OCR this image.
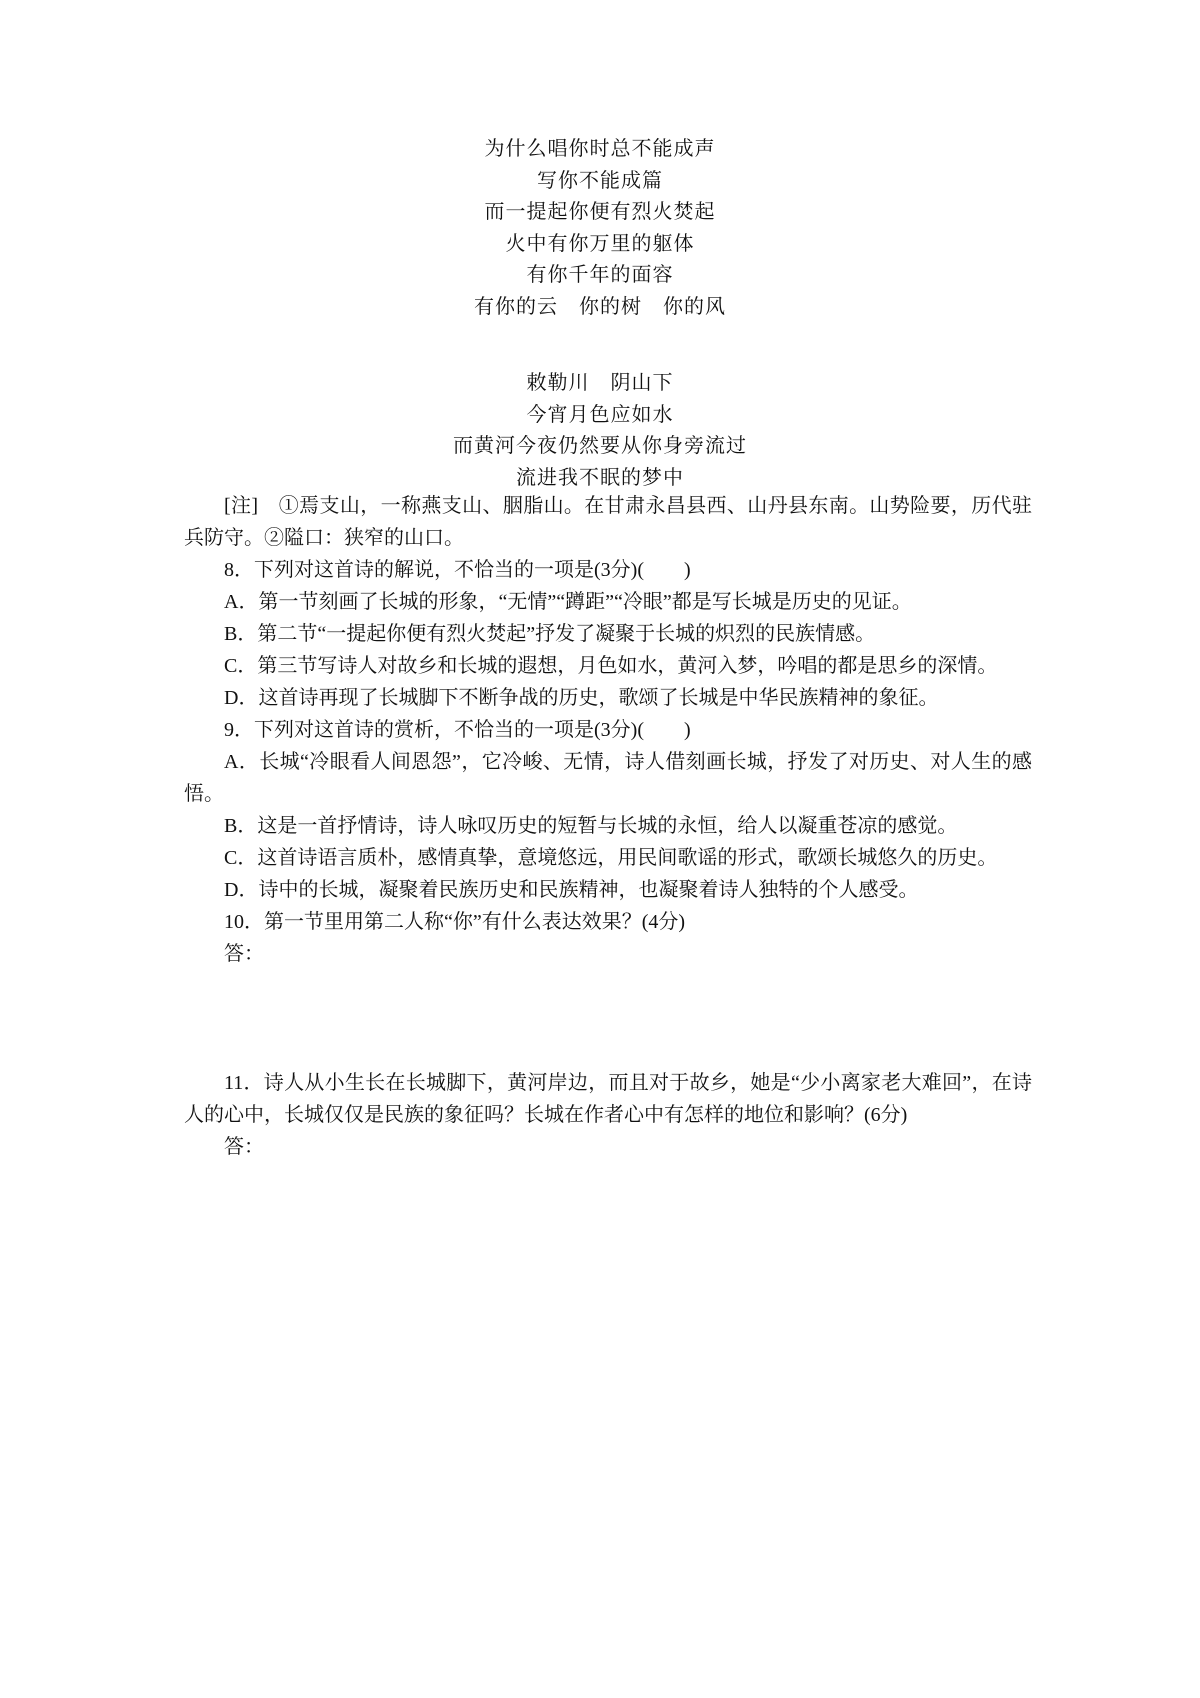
为什么唱你时总不能成声
写你不能成篇
而一提起你便有烈火焚起
火中有你万里的躯体
有你千年的面容
有你的云　你的树　你的风
敕勒川　阴山下
今宵月色应如水
而黄河今夜仍然要从你身旁流过
流进我不眠的梦中

[注]　①焉支山，一称燕支山、胭脂山。在甘肃永昌县西、山丹县东南。山势险要，历代驻兵防守。②隘口：狭窄的山口。

8．下列对这首诗的解说，不恰当的一项是(3分)(　　)

A．第一节刻画了长城的形象，“无情”“蹲距”“冷眼”都是写长城是历史的见证。

B．第二节“一提起你便有烈火焚起”抒发了凝聚于长城的炽烈的民族情感。

C．第三节写诗人对故乡和长城的遐想，月色如水，黄河入梦，吟唱的都是思乡的深情。

D．这首诗再现了长城脚下不断争战的历史，歌颂了长城是中华民族精神的象征。

9．下列对这首诗的赏析，不恰当的一项是(3分)(　　)

A．长城“冷眼看人间恩怨”，它冷峻、无情，诗人借刻画长城，抒发了对历史、对人生的感悟。

B．这是一首抒情诗，诗人咏叹历史的短暂与长城的永恒，给人以凝重苍凉的感觉。

C．这首诗语言质朴，感情真挚，意境悠远，用民间歌谣的形式，歌颂长城悠久的历史。

D．诗中的长城，凝聚着民族历史和民族精神，也凝聚着诗人独特的个人感受。

10．第一节里用第二人称“你”有什么表达效果？(4分)

答：

11．诗人从小生长在长城脚下，黄河岸边，而且对于故乡，她是“少小离家老大难回”，在诗人的心中，长城仅仅是民族的象征吗？长城在作者心中有怎样的地位和影响？(6分)

答：
